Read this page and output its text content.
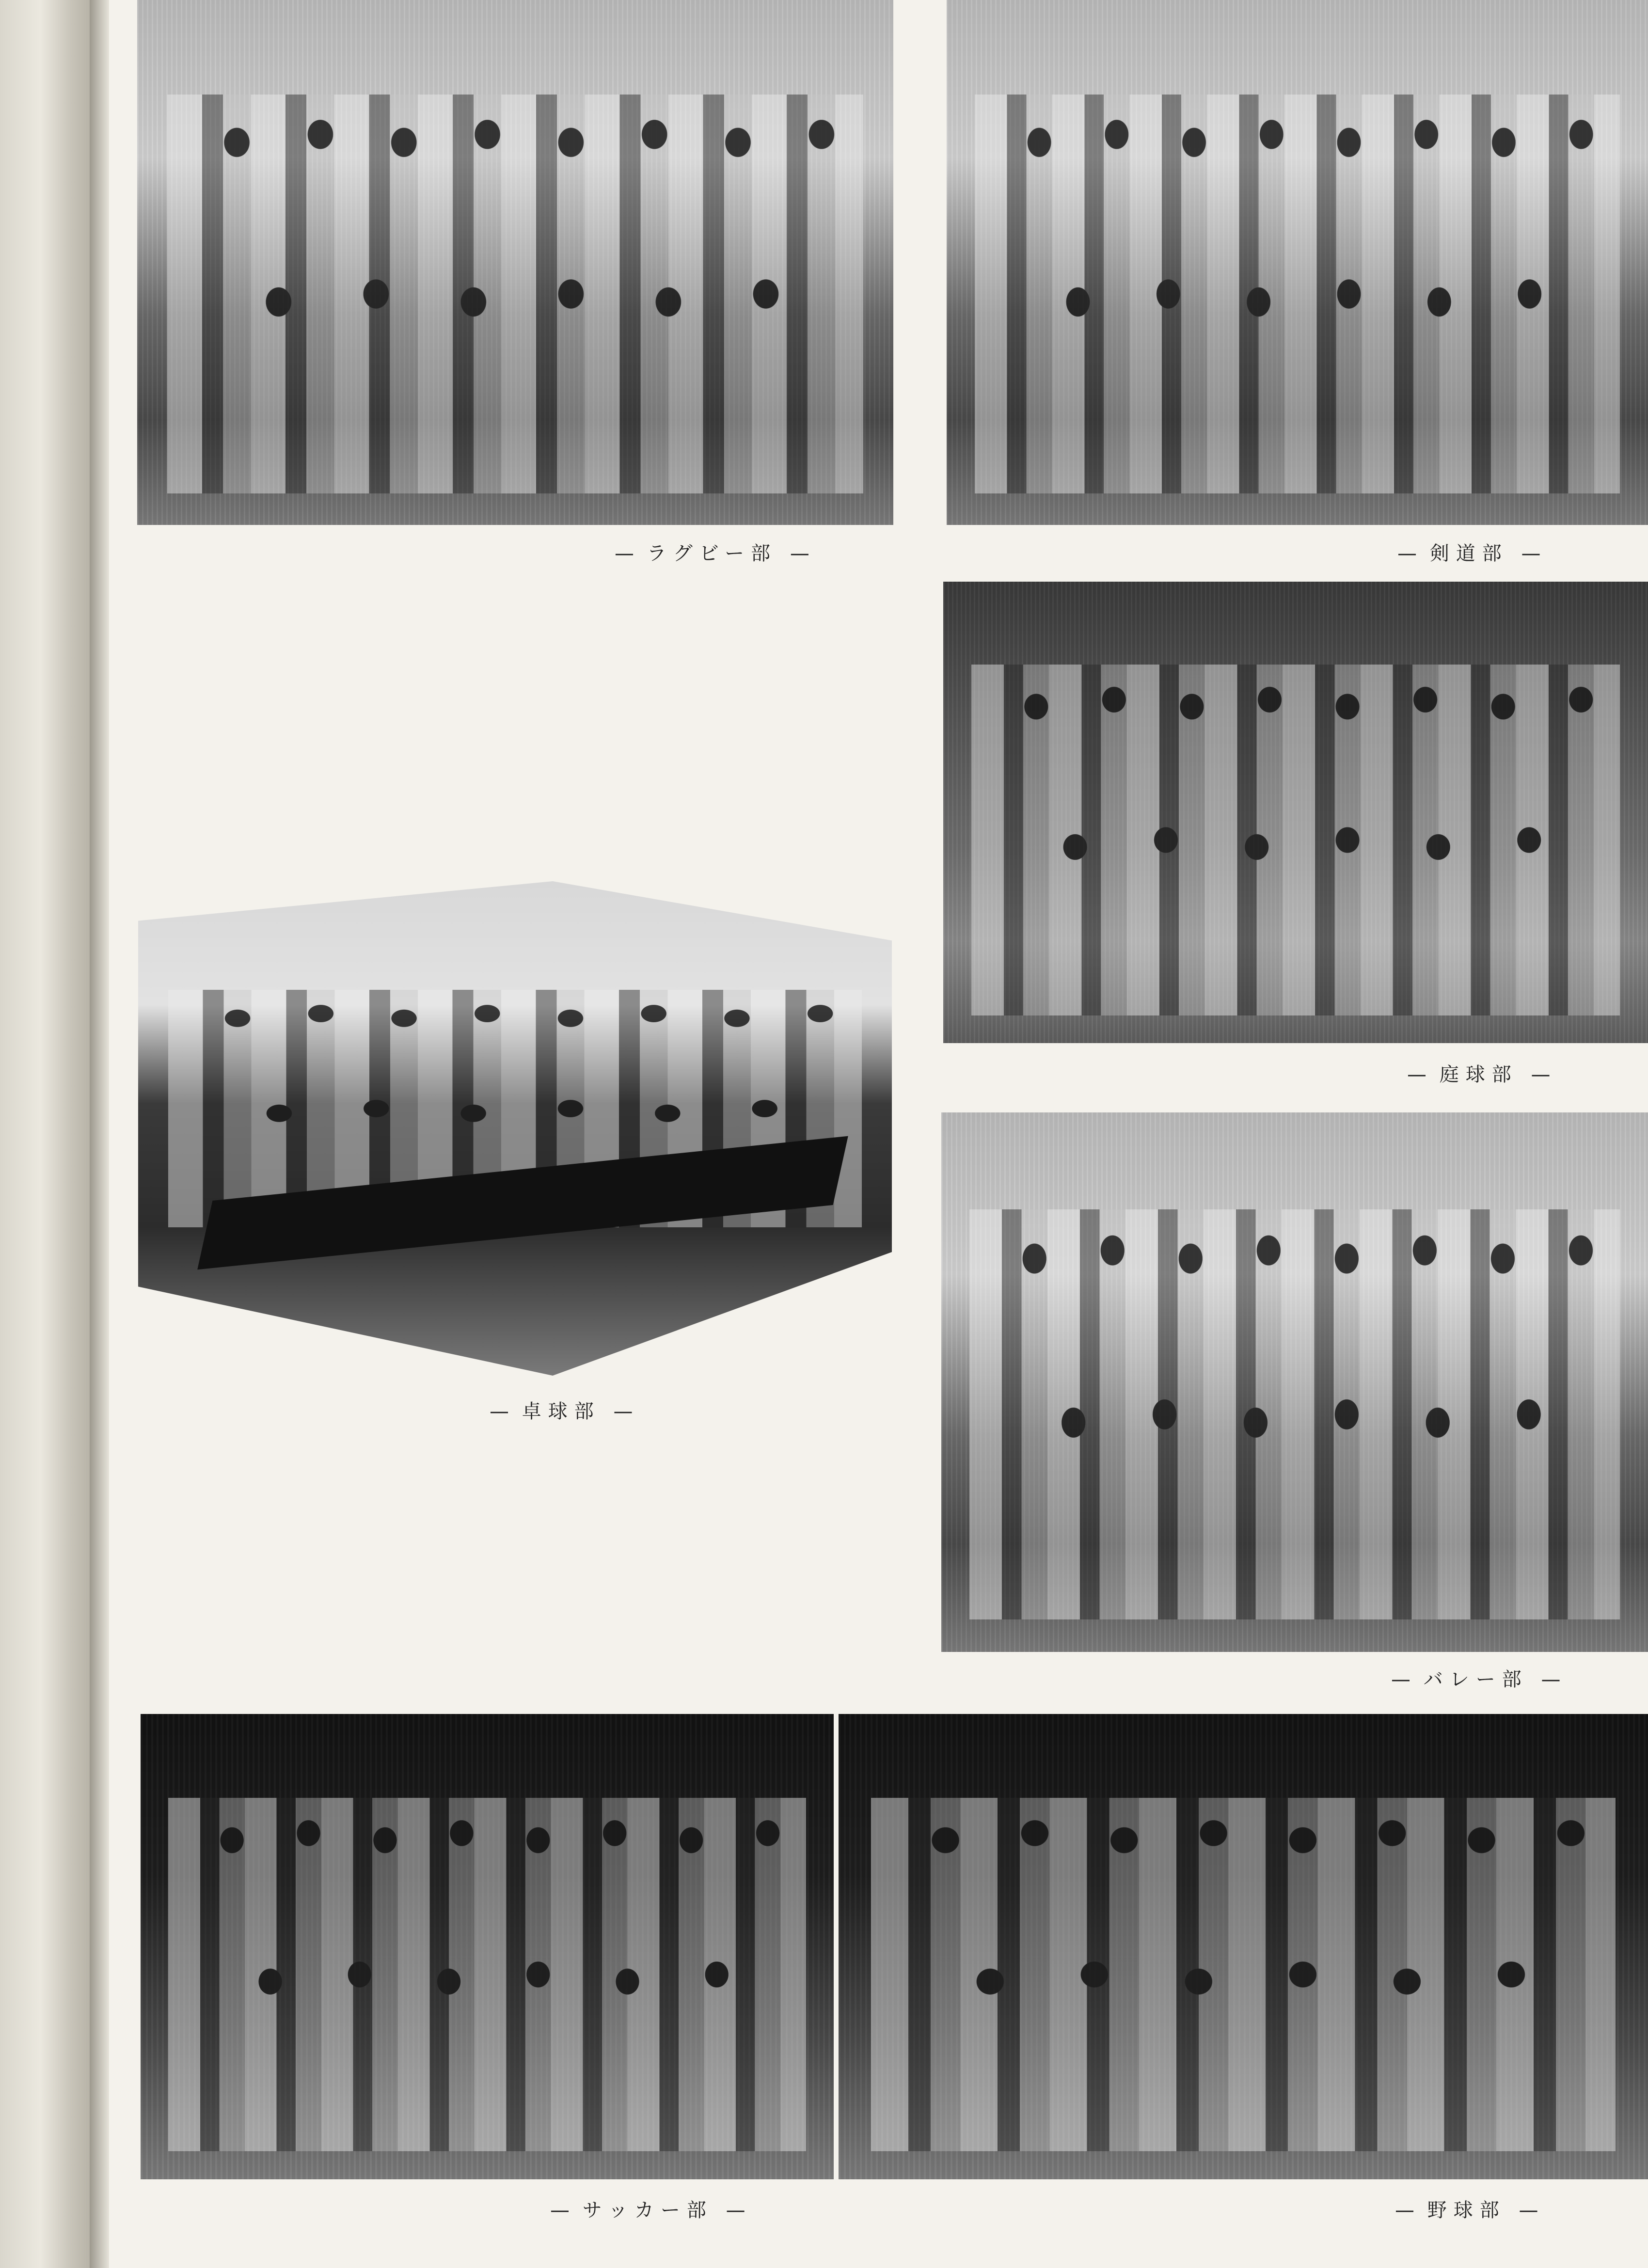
— ラグビー部 —	— 剣道部 —
— 庭球部 —
— 卓球部 —
— バレー部 —
— サッカー部 —	— 野球部 —
